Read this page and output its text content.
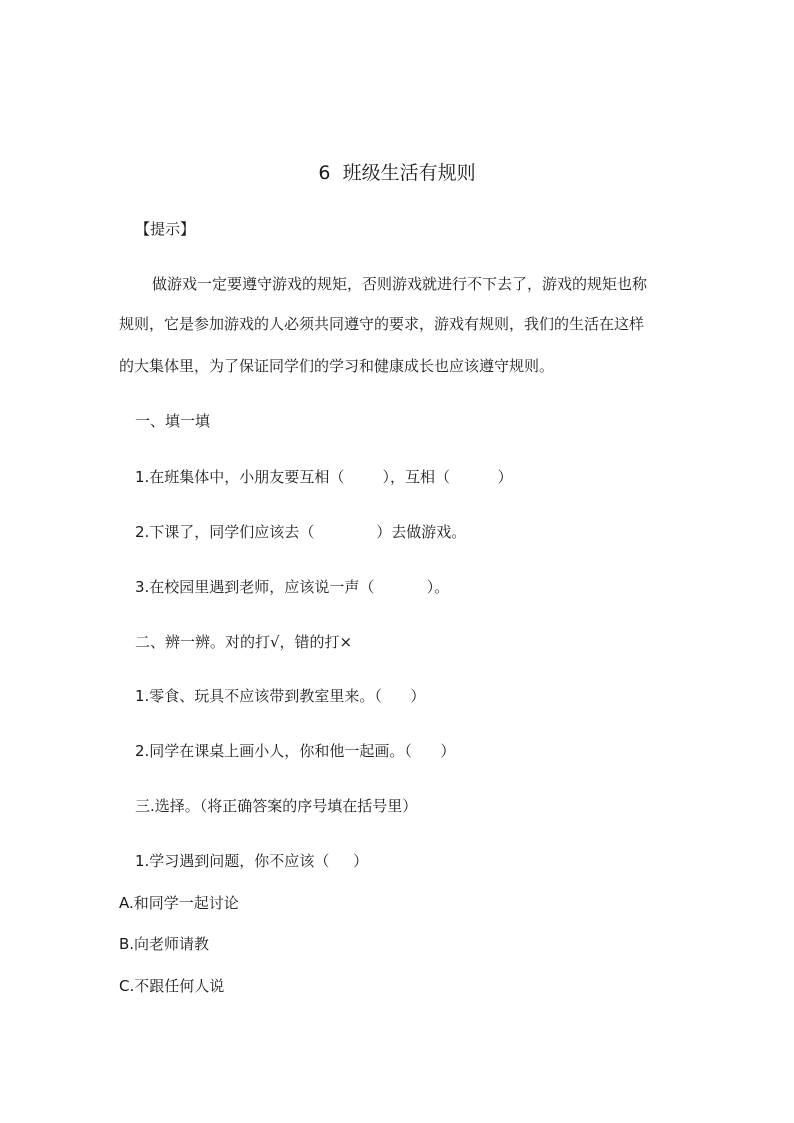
6  班级生活有规则
【提示】
做游戏一定要遵守游戏的规矩，否则游戏就进行不下去了，游戏的规矩也称
规则，它是参加游戏的人必须共同遵守的要求，游戏有规则，我们的生活在这样
的大集体里，为了保证同学们的学习和健康成长也应该遵守规则。
一、填一填
1.在班集体中，小朋友要互相（        ），互相（          ）
2.下课了，同学们应该去（             ）去做游戏。
3.在校园里遇到老师，应该说一声（           ）。
二、辨一辨。对的打√，错的打×
1.零食、玩具不应该带到教室里来。（      ）
2.同学在课桌上画小人，你和他一起画。（      ）
三.选择。（将正确答案的序号填在括号里）
1.学习遇到问题，你不应该（     ）
A.和同学一起讨论
B.向老师请教
C.不跟任何人说
